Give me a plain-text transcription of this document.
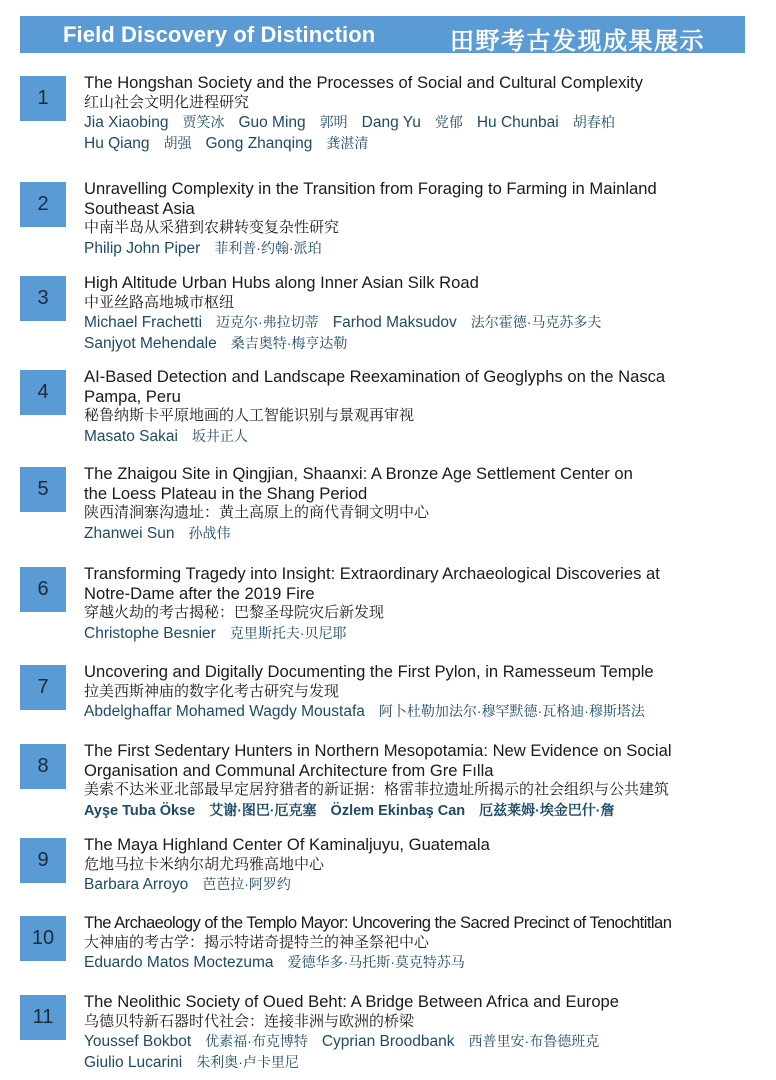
Field Discovery of Distinction	田野考古发现成果展示
1
The Hongshan Society and the Processes of Social and Cultural Complexity
红山社会文明化进程研究
Jia Xiaobing 贾笑冰 Guo Ming 郭明 Dang Yu 党郁 Hu Chunbai 胡春柏
Hu Qiang 胡强 Gong Zhanqing 龚湛清
2
Unravelling Complexity in the Transition from Foraging to Farming in Mainland
Southeast Asia
中南半岛从采猎到农耕转变复杂性研究
Philip John Piper 菲利普·约翰·派珀
3
High Altitude Urban Hubs along Inner Asian Silk Road
中亚丝路高地城市枢纽
Michael Frachetti 迈克尔·弗拉切蒂 Farhod Maksudov 法尔霍德·马克苏多夫
Sanjyot Mehendale 桑吉奥特·梅亨达勒
4
AI-Based Detection and Landscape Reexamination of Geoglyphs on the Nasca
Pampa, Peru
秘鲁纳斯卡平原地画的人工智能识别与景观再审视
Masato Sakai 坂井正人
5
The Zhaigou Site in Qingjian, Shaanxi: A Bronze Age Settlement Center on
the Loess Plateau in the Shang Period
陕西清涧寨沟遗址：黄土高原上的商代青铜文明中心
Zhanwei Sun 孙战伟
6
Transforming Tragedy into Insight: Extraordinary Archaeological Discoveries at
Notre-Dame after the 2019 Fire
穿越火劫的考古揭秘：巴黎圣母院灾后新发现
Christophe Besnier 克里斯托夫·贝尼耶
7
Uncovering and Digitally Documenting the First Pylon, in Ramesseum Temple
拉美西斯神庙的数字化考古研究与发现
Abdelghaffar Mohamed Wagdy Moustafa 阿卜杜勒加法尔·穆罕默德·瓦格迪·穆斯塔法
8
The First Sedentary Hunters in Northern Mesopotamia: New Evidence on Social
Organisation and Communal Architecture from Gre Fılla
美索不达米亚北部最早定居狩猎者的新证据：格雷菲拉遗址所揭示的社会组织与公共建筑
Ayşe Tuba Ökse 艾谢·图巴·厄克塞 Özlem Ekinbaş Can 厄兹莱姆·埃金巴什·詹
9
The Maya Highland Center Of Kaminaljuyu, Guatemala
危地马拉卡米纳尔胡尤玛雅高地中心
Barbara Arroyo 芭芭拉·阿罗约
10
The Archaeology of the Templo Mayor: Uncovering the Sacred Precinct of Tenochtitlan
大神庙的考古学：揭示特诺奇提特兰的神圣祭祀中心
Eduardo Matos Moctezuma 爱德华多·马托斯·莫克特苏马
11
The Neolithic Society of Oued Beht: A Bridge Between Africa and Europe
乌德贝特新石器时代社会：连接非洲与欧洲的桥梁
Youssef Bokbot 优素福·布克博特 Cyprian Broodbank 西普里安·布鲁德班克
Giulio Lucarini 朱利奥·卢卡里尼
